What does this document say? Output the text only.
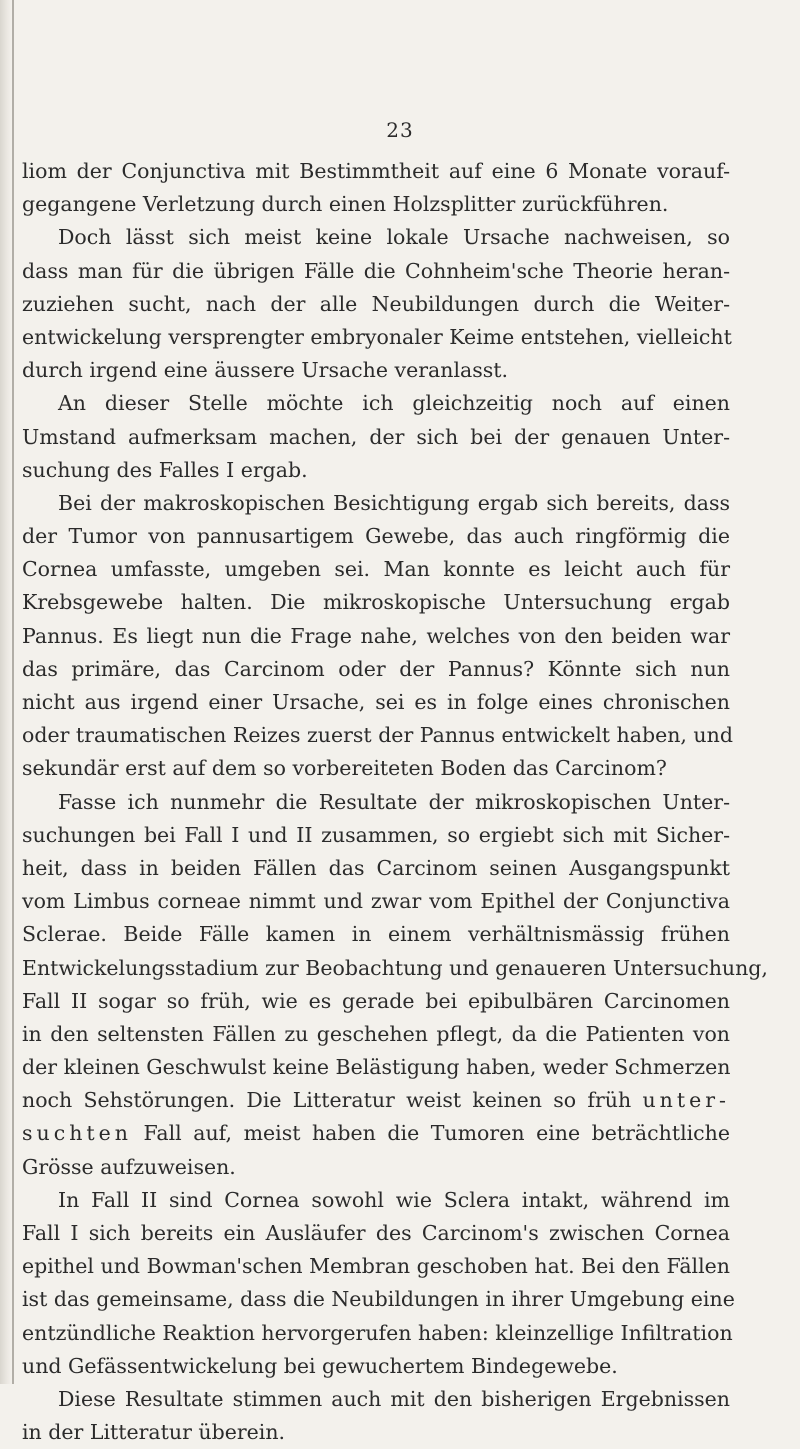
23
liom der Conjunctiva mit Bestimmtheit auf eine 6 Monate vorauf-
gegangene Verletzung durch einen Holzsplitter zurückführen.
Doch lässt sich meist keine lokale Ursache nachweisen, so
dass man für die übrigen Fälle die Cohnheim'sche Theorie heran-
zuziehen sucht, nach der alle Neubildungen durch die Weiter-
entwickelung versprengter embryonaler Keime entstehen, vielleicht
durch irgend eine äussere Ursache veranlasst.
An dieser Stelle möchte ich gleichzeitig noch auf einen
Umstand aufmerksam machen, der sich bei der genauen Unter-
suchung des Falles I ergab.
Bei der makroskopischen Besichtigung ergab sich bereits, dass
der Tumor von pannusartigem Gewebe, das auch ringförmig die
Cornea umfasste, umgeben sei. Man konnte es leicht auch für
Krebsgewebe halten. Die mikroskopische Untersuchung ergab
Pannus. Es liegt nun die Frage nahe, welches von den beiden war
das primäre, das Carcinom oder der Pannus? Könnte sich nun
nicht aus irgend einer Ursache, sei es in folge eines chronischen
oder traumatischen Reizes zuerst der Pannus entwickelt haben, und
sekundär erst auf dem so vorbereiteten Boden das Carcinom?
Fasse ich nunmehr die Resultate der mikroskopischen Unter-
suchungen bei Fall I und II zusammen, so ergiebt sich mit Sicher-
heit, dass in beiden Fällen das Carcinom seinen Ausgangspunkt
vom Limbus corneae nimmt und zwar vom Epithel der Conjunctiva
Sclerae. Beide Fälle kamen in einem verhältnismässig frühen
Entwickelungsstadium zur Beobachtung und genaueren Untersuchung,
Fall II sogar so früh, wie es gerade bei epibulbären Carcinomen
in den seltensten Fällen zu geschehen pflegt, da die Patienten von
der kleinen Geschwulst keine Belästigung haben, weder Schmerzen
noch Sehstörungen. Die Litteratur weist keinen so früh unter-
suchten Fall auf, meist haben die Tumoren eine beträchtliche
Grösse aufzuweisen.
In Fall II sind Cornea sowohl wie Sclera intakt, während im
Fall I sich bereits ein Ausläufer des Carcinom's zwischen Cornea
epithel und Bowman'schen Membran geschoben hat. Bei den Fällen
ist das gemeinsame, dass die Neubildungen in ihrer Umgebung eine
entzündliche Reaktion hervorgerufen haben: kleinzellige Infiltration
und Gefässentwickelung bei gewuchertem Bindegewebe.
Diese Resultate stimmen auch mit den bisherigen Ergebnissen
in der Litteratur überein.
